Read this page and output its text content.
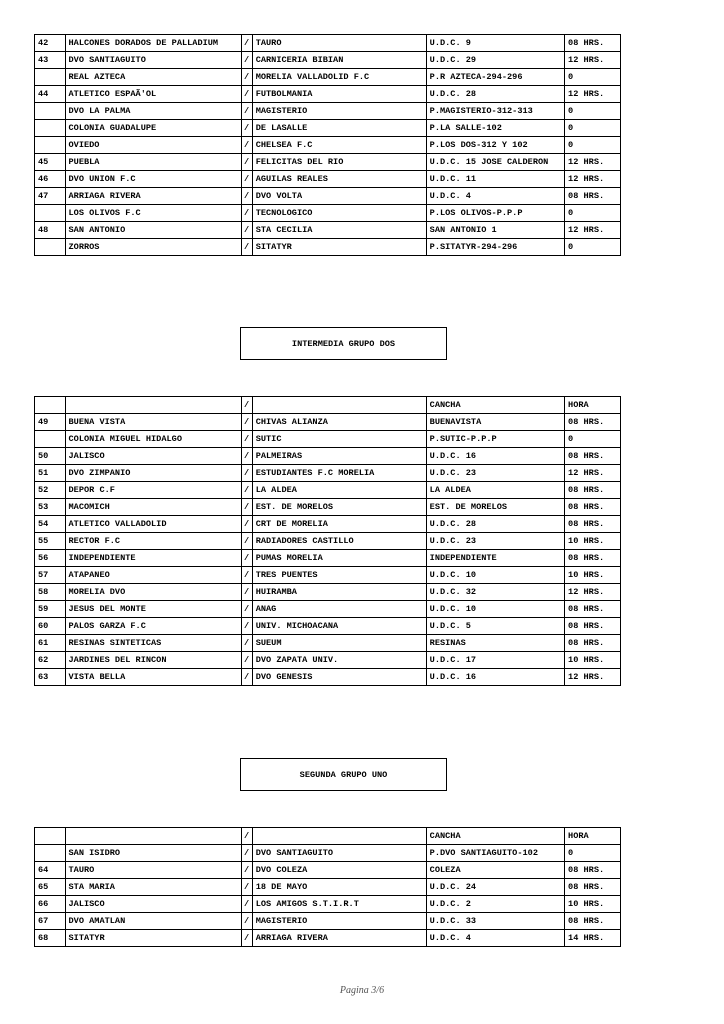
42	HALCONES DORADOS DE PALLADIUM	/	TAURO	U.D.C. 9	08 HRS.
43	DVO SANTIAGUITO	/	CARNICERIA BIBIAN	U.D.C. 29	12 HRS.
	REAL AZTECA	/	MORELIA VALLADOLID F.C	P.R AZTECA-294-296	0
44	ATLETICO ESPAÃ'OL	/	FUTBOLMANIA	U.D.C. 28	12 HRS.
	DVO LA PALMA	/	MAGISTERIO	P.MAGISTERIO-312-313	0
	COLONIA GUADALUPE	/	DE LASALLE	P.LA SALLE-102	0
	OVIEDO	/	CHELSEA F.C	P.LOS DOS-312 Y 102	0
45	PUEBLA	/	FELICITAS DEL RIO	U.D.C. 15 JOSE CALDERON	12 HRS.
46	DVO UNION F.C	/	AGUILAS REALES	U.D.C. 11	12 HRS.
47	ARRIAGA RIVERA	/	DVO VOLTA	U.D.C. 4	08 HRS.
	LOS OLIVOS F.C	/	TECNOLOGICO	P.LOS OLIVOS-P.P.P	0
48	SAN ANTONIO	/	STA CECILIA	SAN ANTONIO 1	12 HRS.
	ZORROS	/	SITATYR	P.SITATYR-294-296	0
INTERMEDIA GRUPO DOS
		/		CANCHA	HORA
49	BUENA VISTA	/	CHIVAS ALIANZA	BUENAVISTA	08 HRS.
	COLONIA MIGUEL HIDALGO	/	SUTIC	P.SUTIC-P.P.P	0
50	JALISCO	/	PALMEIRAS	U.D.C. 16	08 HRS.
51	DVO ZIMPANIO	/	ESTUDIANTES F.C MORELIA	U.D.C. 23	12 HRS.
52	DEPOR C.F	/	LA ALDEA	LA ALDEA	08 HRS.
53	MACOMICH	/	EST. DE MORELOS	EST. DE MORELOS	08 HRS.
54	ATLETICO VALLADOLID	/	CRT DE MORELIA	U.D.C. 28	08 HRS.
55	RECTOR F.C	/	RADIADORES CASTILLO	U.D.C. 23	10 HRS.
56	INDEPENDIENTE	/	PUMAS MORELIA	INDEPENDIENTE	08 HRS.
57	ATAPANEO	/	TRES PUENTES	U.D.C. 10	10 HRS.
58	MORELIA DVO	/	HUIRAMBA	U.D.C. 32	12 HRS.
59	JESUS DEL MONTE	/	ANAG	U.D.C. 10	08 HRS.
60	PALOS GARZA F.C	/	UNIV. MICHOACANA	U.D.C. 5	08 HRS.
61	RESINAS SINTETICAS	/	SUEUM	RESINAS	08 HRS.
62	JARDINES DEL RINCON	/	DVO ZAPATA UNIV.	U.D.C. 17	10 HRS.
63	VISTA BELLA	/	DVO GENESIS	U.D.C. 16	12 HRS.
SEGUNDA GRUPO UNO
		/		CANCHA	HORA
	SAN ISIDRO	/	DVO SANTIAGUITO	P.DVO SANTIAGUITO-102	0
64	TAURO	/	DVO COLEZA	COLEZA	08 HRS.
65	STA MARIA	/	18 DE MAYO	U.D.C. 24	08 HRS.
66	JALISCO	/	LOS AMIGOS S.T.I.R.T	U.D.C. 2	10 HRS.
67	DVO AMATLAN	/	MAGISTERIO	U.D.C. 33	08 HRS.
68	SITATYR	/	ARRIAGA RIVERA	U.D.C. 4	14 HRS.
Pagina 3/6
